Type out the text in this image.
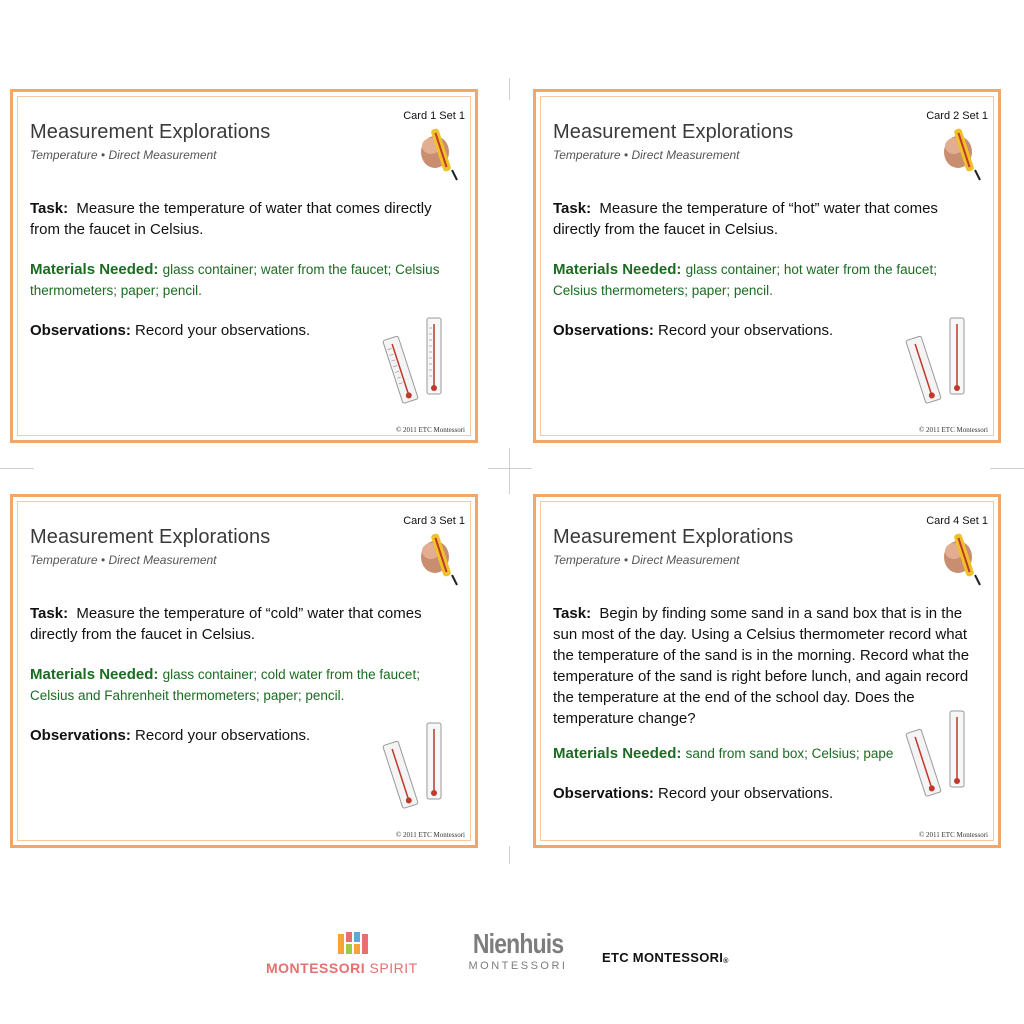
Measurement Explorations
Temperature • Direct Measurement
Card 1 Set 1

Task: Measure the temperature of water that comes directly from the faucet in Celsius.

Materials Needed: glass container; water from the faucet; Celsius thermometers; paper; pencil.

Observations: Record your observations.

© 2011 ETC Montessori
Measurement Explorations
Temperature • Direct Measurement
Card 2 Set 1

Task: Measure the temperature of “hot” water that comes directly from the faucet in Celsius.

Materials Needed: glass container; hot water from the faucet; Celsius thermometers; paper; pencil.

Observations: Record your observations.

© 2011 ETC Montessori
Measurement Explorations
Temperature • Direct Measurement
Card 3 Set 1

Task: Measure the temperature of “cold” water that comes directly from the faucet in Celsius.

Materials Needed: glass container; cold water from the faucet; Celsius and Fahrenheit thermometers; paper; pencil.

Observations: Record your observations.

© 2011 ETC Montessori
Measurement Explorations
Temperature • Direct Measurement
Card 4 Set 1

Task: Begin by finding some sand in a sand box that is in the sun most of the day. Using a Celsius thermometer record what the temperature of the sand is in the morning. Record what the temperature of the sand is right before lunch, and again record the temperature at the end of the school day. Does the temperature change?

Materials Needed: sand from sand box; Celsius; pape

Observations: Record your observations.

© 2011 ETC Montessori
MONTESSORI SPIRIT
Nienhuis
MONTESSORI
ETC MONTESSORI®
